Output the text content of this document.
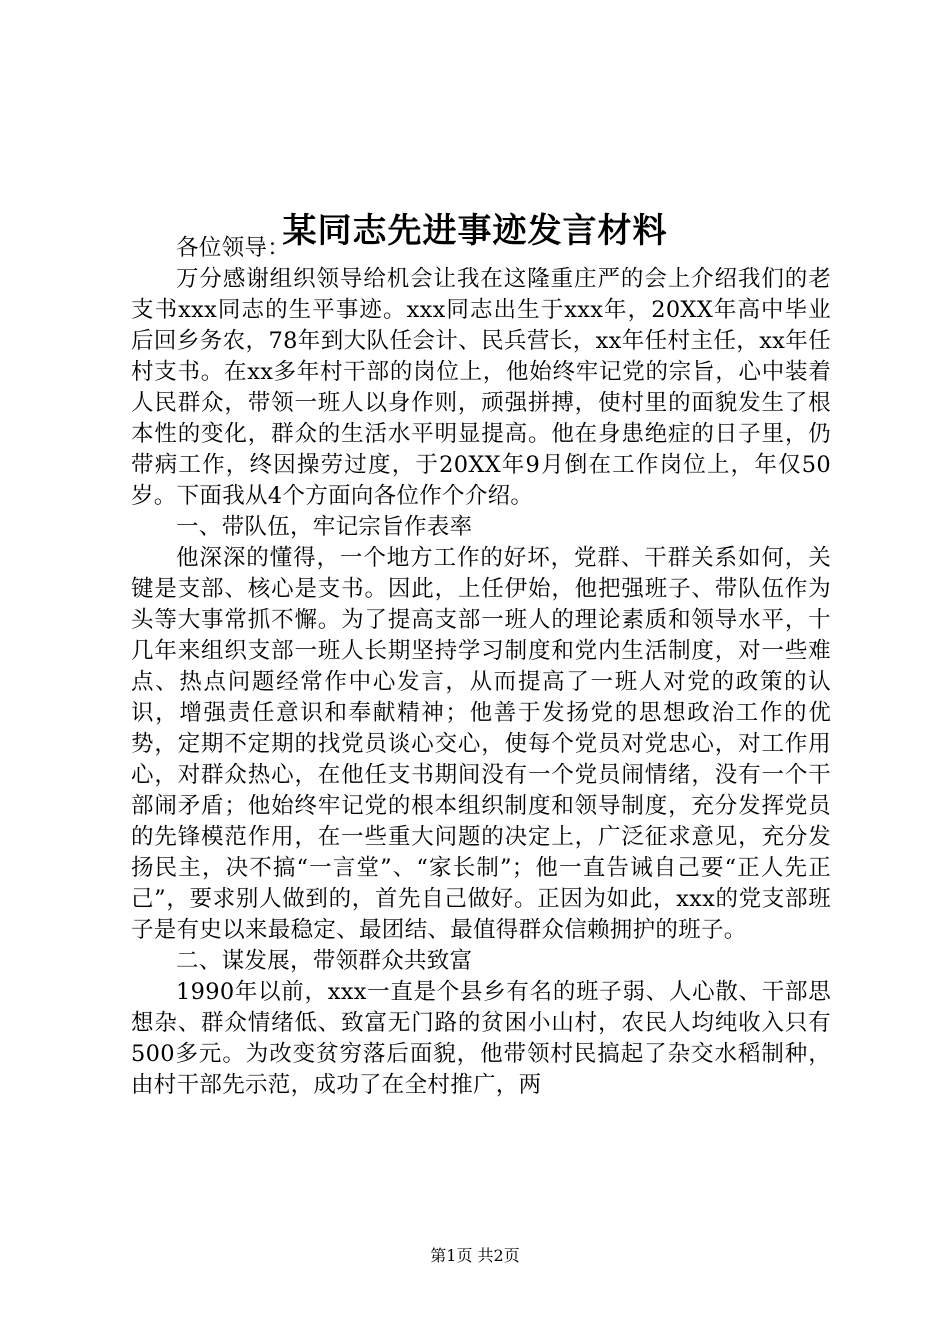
某同志先进事迹发言材料

各位领导：

万分感谢组织领导给机会让我在这隆重庄严的会上介绍我们的老支书xxx同志的生平事迹。xxx同志出生于xxx年，20XX年高中毕业后回乡务农，78年到大队任会计、民兵营长，xx年任村主任，xx年任村支书。在xx多年村干部的岗位上，他始终牢记党的宗旨，心中装着人民群众，带领一班人以身作则，顽强拼搏，使村里的面貌发生了根本性的变化，群众的生活水平明显提高。他在身患绝症的日子里，仍带病工作，终因操劳过度，于20XX年9月倒在工作岗位上，年仅50岁。下面我从4个方面向各位作个介绍。

一、带队伍，牢记宗旨作表率

他深深的懂得，一个地方工作的好坏，党群、干群关系如何，关键是支部、核心是支书。因此，上任伊始，他把强班子、带队伍作为头等大事常抓不懈。为了提高支部一班人的理论素质和领导水平，十几年来组织支部一班人长期坚持学习制度和党内生活制度，对一些难点、热点问题经常作中心发言，从而提高了一班人对党的政策的认识，增强责任意识和奉献精神；他善于发扬党的思想政治工作的优势，定期不定期的找党员谈心交心，使每个党员对党忠心，对工作用心，对群众热心，在他任支书期间没有一个党员闹情绪，没有一个干部闹矛盾；他始终牢记党的根本组织制度和领导制度，充分发挥党员的先锋模范作用，在一些重大问题的决定上，广泛征求意见，充分发扬民主，决不搞“一言堂”、“家长制”；他一直告诫自己要“正人先正己”，要求别人做到的，首先自己做好。正因为如此，xxx的党支部班子是有史以来最稳定、最团结、最值得群众信赖拥护的班子。

二、谋发展，带领群众共致富

1990年以前，xxx一直是个县乡有名的班子弱、人心散、干部思想杂、群众情绪低、致富无门路的贫困小山村，农民人均纯收入只有500多元。为改变贫穷落后面貌，他带领村民搞起了杂交水稻制种，由村干部先示范，成功了在全村推广，两

第1页 共2页
